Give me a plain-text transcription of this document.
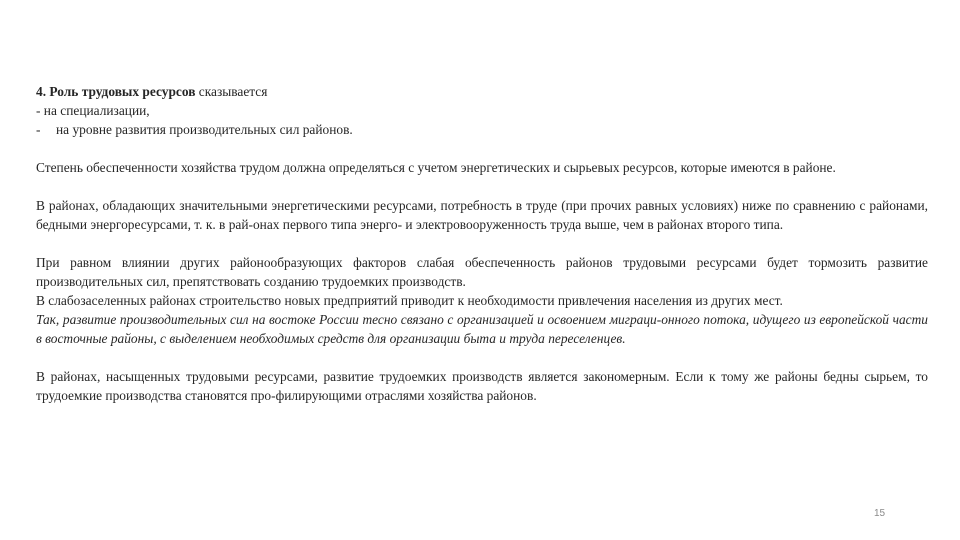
4. Роль трудовых ресурсов сказывается
- на специализации,
- на уровне развития производительных сил районов.
Степень обеспеченности хозяйства трудом должна определяться с учетом энергетических и сырьевых ресурсов, которые имеются в районе.
В районах, обладающих значительными энергетическими ресурсами, потребность в труде (при прочих равных условиях) ниже по сравнению с районами, бедными энергоресурсами, т. к. в рай-онах первого типа энерго- и электровооруженность труда выше, чем в районах второго типа.
При равном влиянии других районообразующих факторов слабая обеспеченность районов трудовыми ресурсами будет тормозить развитие производительных сил, препятствовать созданию трудоемких производств.
В слабозаселенных районах строительство новых предприятий приводит к необходимости привлечения населения из других мест.
Так, развитие производительных сил на востоке России тесно связано с организацией и освоением миграци-онного потока, идущего из европейской части в восточные районы, с выделением необходимых средств для организации быта и труда переселенцев.
В районах, насыщенных трудовыми ресурсами, развитие трудоемких производств является закономерным. Если к тому же районы бедны сырьем, то трудоемкие производства становятся про-филирующими отраслями хозяйства районов.
15
